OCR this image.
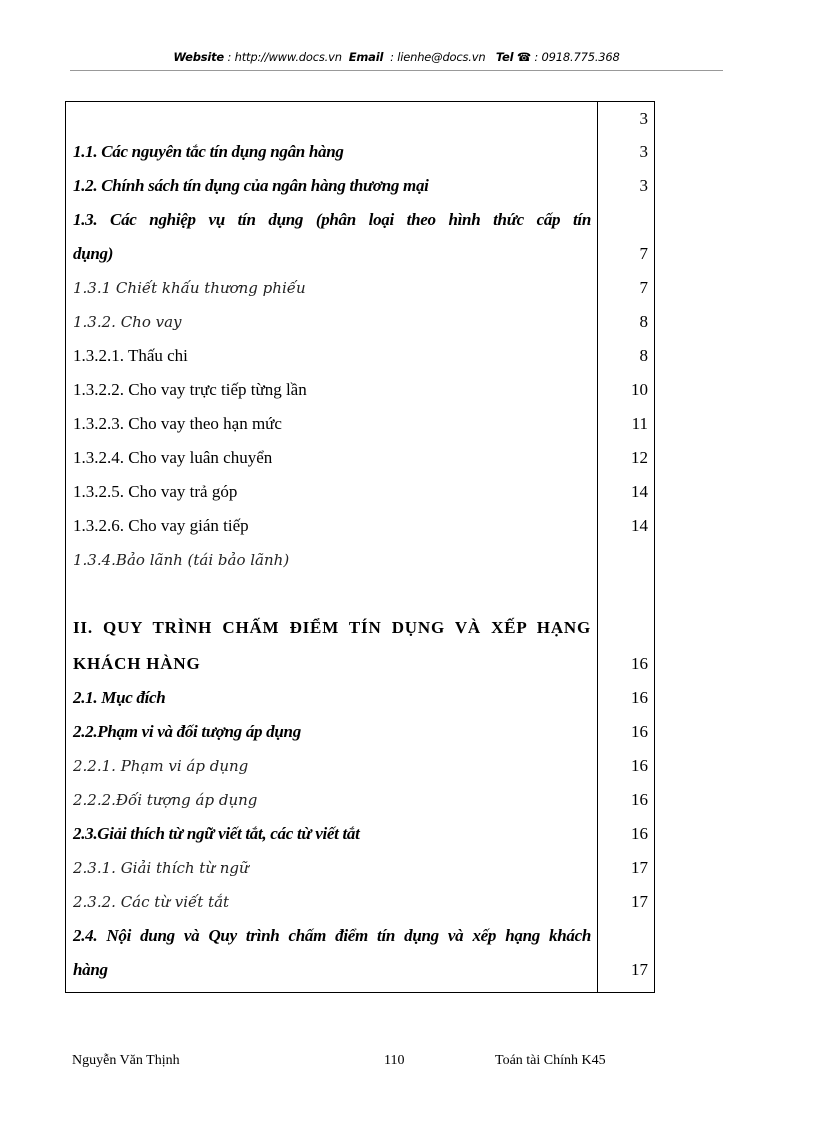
Website : http://www.docs.vn Email : lienhe@docs.vn Tel ☎ : 0918.775.368
3
1.1. Các nguyên tắc tín dụng ngân hàng	3
1.2. Chính sách tín dụng của ngân hàng thương mại	3
1.3. Các nghiệp vụ tín dụng (phân loại theo hình thức cấp tín
dụng)	7
1.3.1 Chiết khấu thương phiếu	7
1.3.2. Cho vay	8
1.3.2.1. Thấu chi	8
1.3.2.2. Cho vay trực tiếp từng lần	10
1.3.2.3. Cho vay theo hạn mức	11
1.3.2.4. Cho vay luân chuyển	12
1.3.2.5. Cho vay trả góp	14
1.3.2.6. Cho vay gián tiếp	14
1.3.4.Bảo lãnh (tái bảo lãnh)
II. QUY TRÌNH CHẤM ĐIỂM TÍN DỤNG VÀ XẾP HẠNG
KHÁCH HÀNG	16
2.1. Mục đích	16
2.2.Phạm vi và đối tượng áp dụng	16
2.2.1. Phạm vi áp dụng	16
2.2.2.Đối tượng áp dụng	16
2.3.Giải thích từ ngữ viết tắt, các từ viết tắt	16
2.3.1. Giải thích từ ngữ	17
2.3.2. Các từ viết tắt	17
2.4. Nội dung và Quy trình chấm điểm tín dụng và xếp hạng khách
hàng	17
Nguyễn Văn Thịnh	110	Toán tài Chính K45
